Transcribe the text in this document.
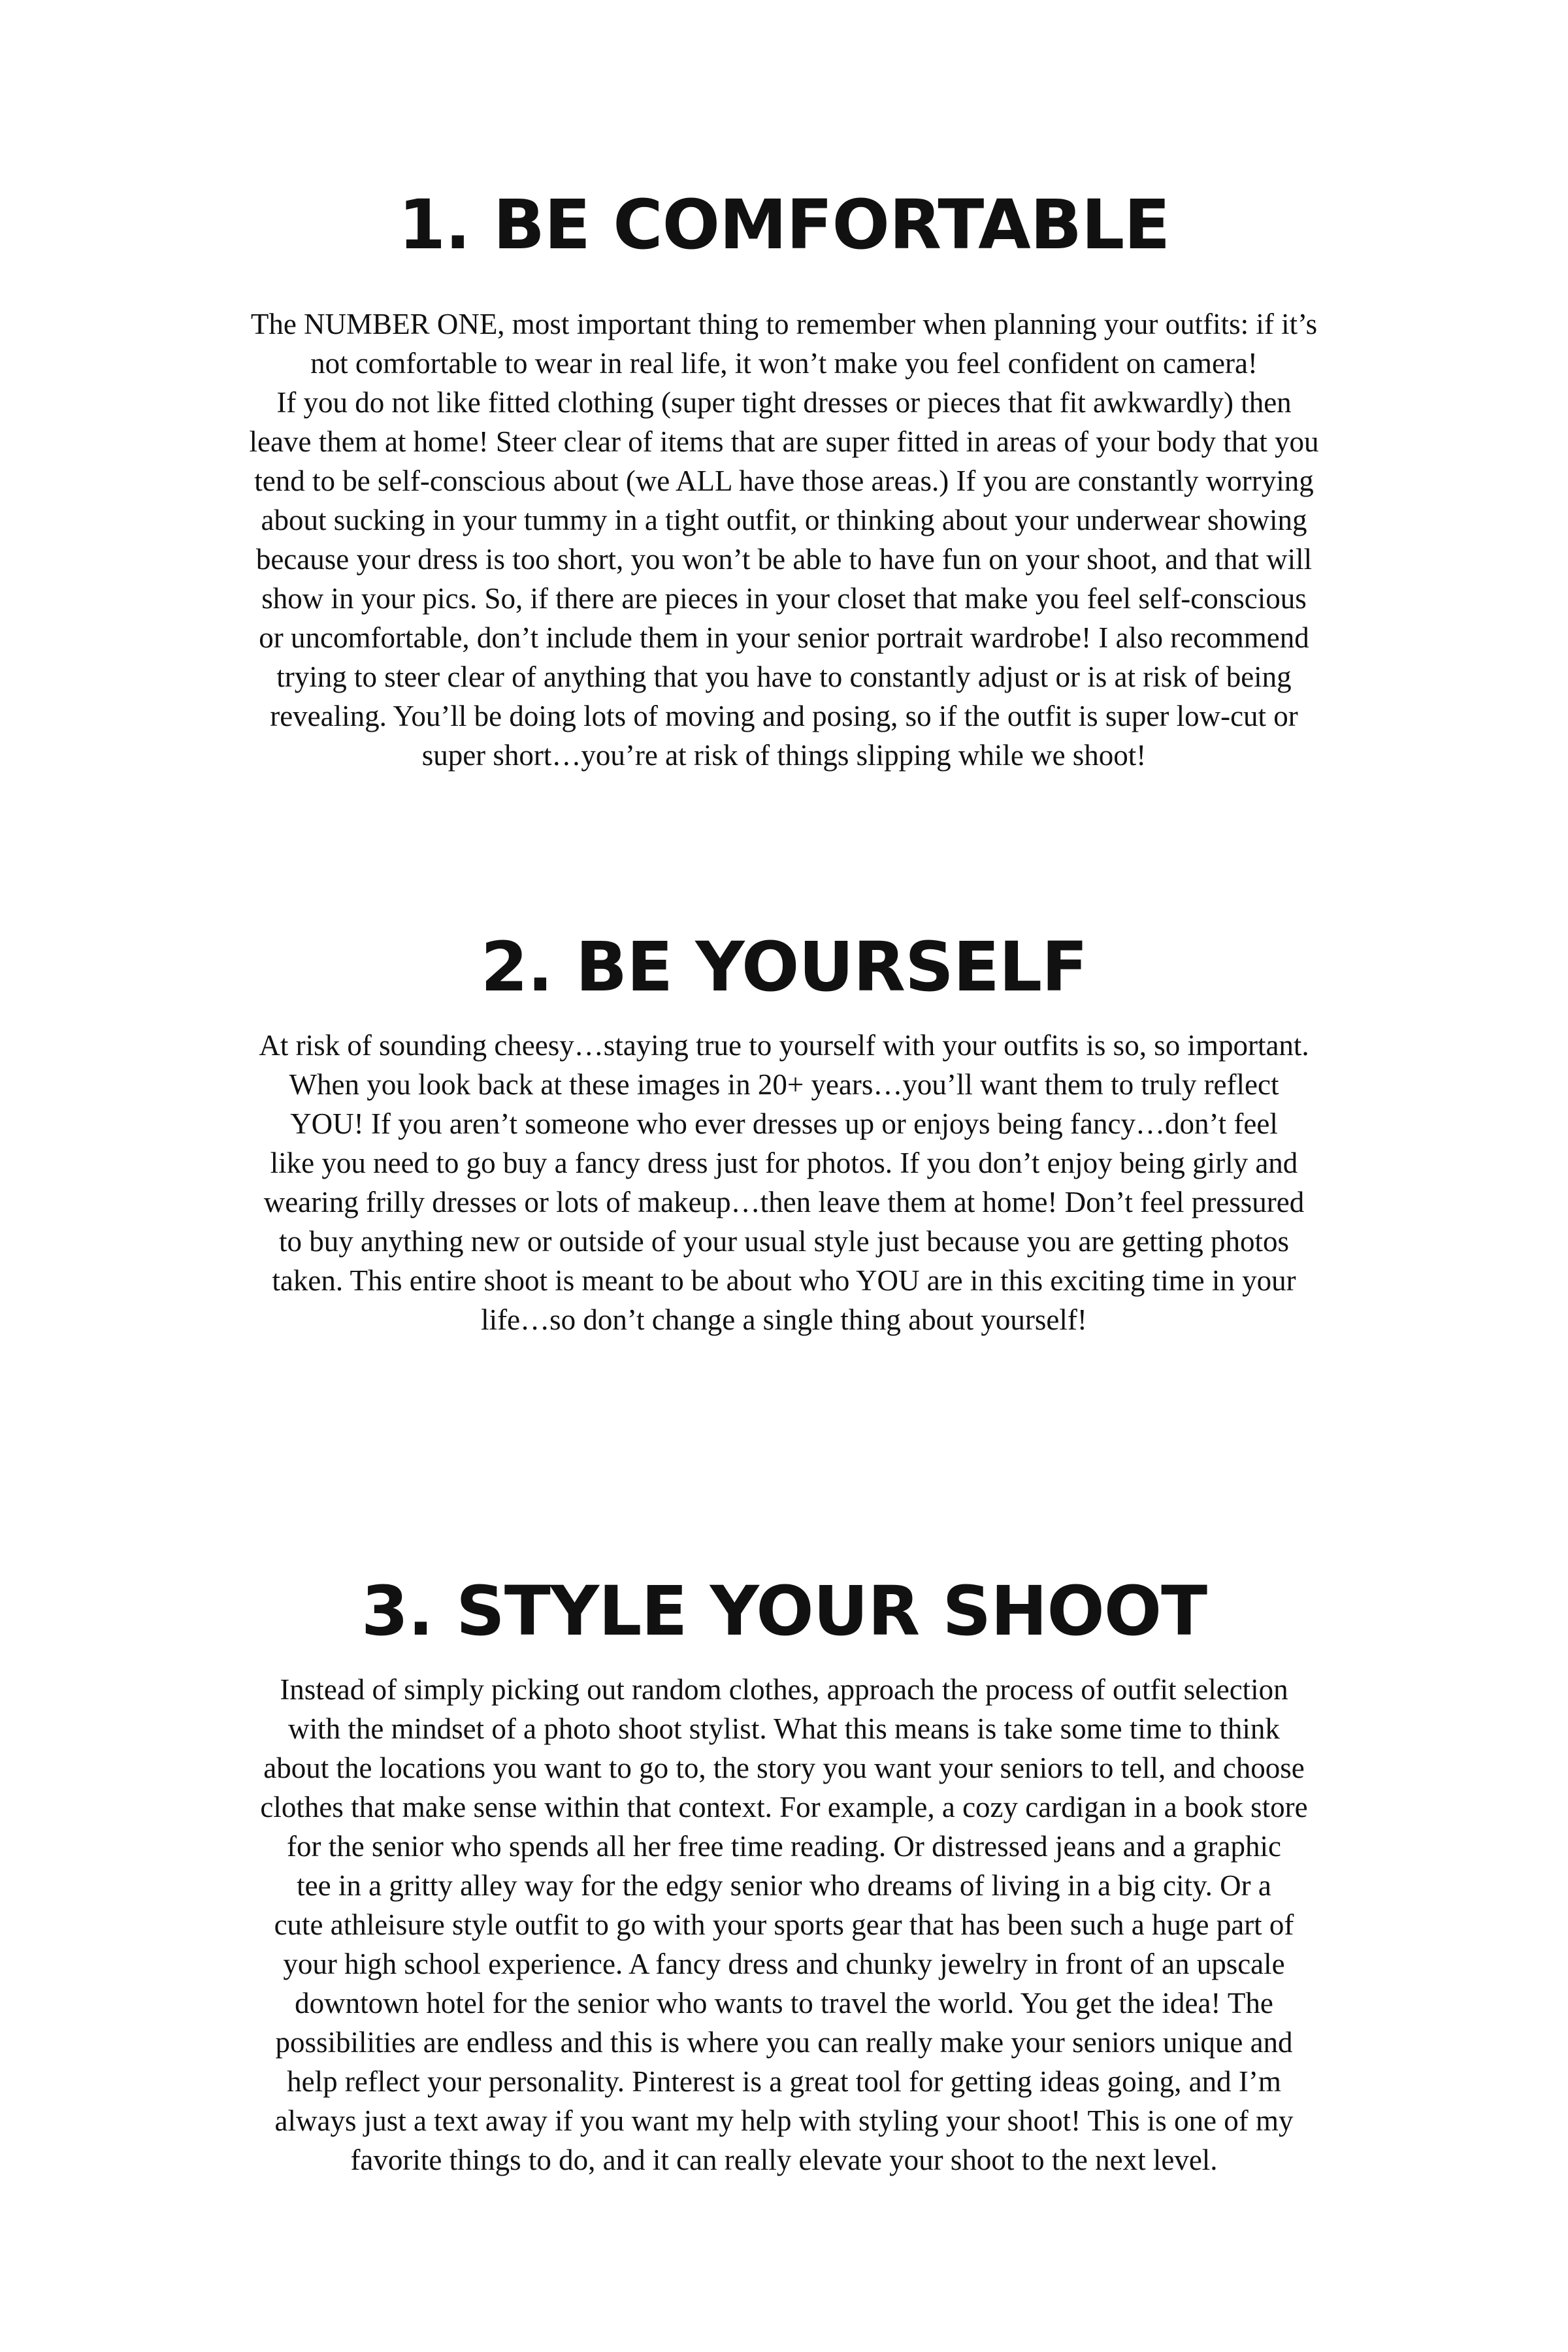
1. BE COMFORTABLE

The NUMBER ONE, most important thing to remember when planning your outfits: if it’s
not comfortable to wear in real life, it won’t make you feel confident on camera!
If you do not like fitted clothing (super tight dresses or pieces that fit awkwardly) then
leave them at home! Steer clear of items that are super fitted in areas of your body that you
tend to be self-conscious about (we ALL have those areas.) If you are constantly worrying
about sucking in your tummy in a tight outfit, or thinking about your underwear showing
because your dress is too short, you won’t be able to have fun on your shoot, and that will
show in your pics. So, if there are pieces in your closet that make you feel self-conscious
or uncomfortable, don’t include them in your senior portrait wardrobe! I also recommend
trying to steer clear of anything that you have to constantly adjust or is at risk of being
revealing. You’ll be doing lots of moving and posing, so if the outfit is super low-cut or
super short…you’re at risk of things slipping while we shoot!

2. BE YOURSELF

At risk of sounding cheesy…staying true to yourself with your outfits is so, so important.
When you look back at these images in 20+ years…you’ll want them to truly reflect
YOU! If you aren’t someone who ever dresses up or enjoys being fancy…don’t feel
like you need to go buy a fancy dress just for photos. If you don’t enjoy being girly and
wearing frilly dresses or lots of makeup…then leave them at home! Don’t feel pressured
to buy anything new or outside of your usual style just because you are getting photos
taken. This entire shoot is meant to be about who YOU are in this exciting time in your
life…so don’t change a single thing about yourself!

3. STYLE YOUR SHOOT

Instead of simply picking out random clothes, approach the process of outfit selection
with the mindset of a photo shoot stylist. What this means is take some time to think
about the locations you want to go to, the story you want your seniors to tell, and choose
clothes that make sense within that context. For example, a cozy cardigan in a book store
for the senior who spends all her free time reading. Or distressed jeans and a graphic
tee in a gritty alley way for the edgy senior who dreams of living in a big city. Or a
cute athleisure style outfit to go with your sports gear that has been such a huge part of
your high school experience. A fancy dress and chunky jewelry in front of an upscale
downtown hotel for the senior who wants to travel the world. You get the idea! The
possibilities are endless and this is where you can really make your seniors unique and
help reflect your personality. Pinterest is a great tool for getting ideas going, and I’m
always just a text away if you want my help with styling your shoot! This is one of my
favorite things to do, and it can really elevate your shoot to the next level.
